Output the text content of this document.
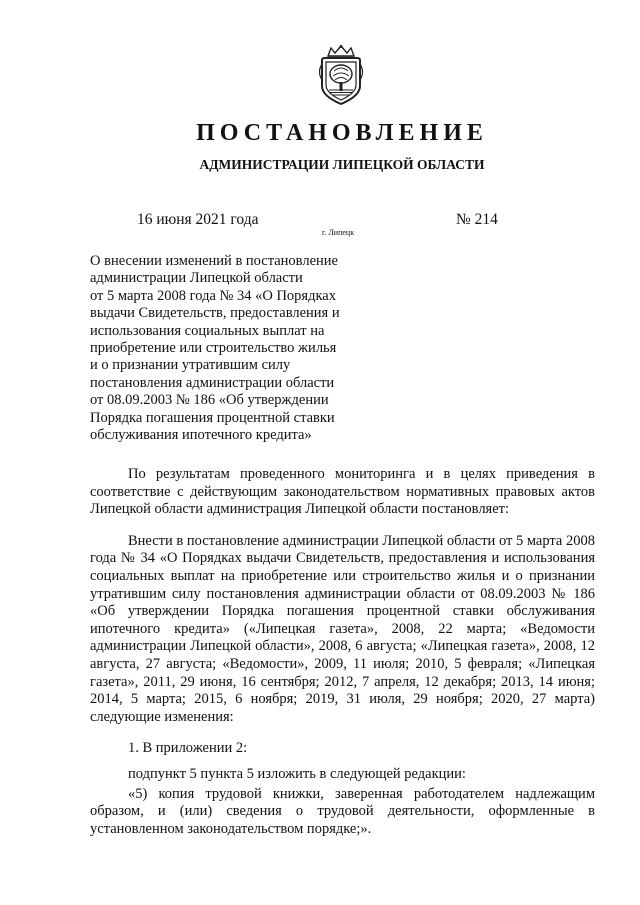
ПОСТАНОВЛЕНИЕ
АДМИНИСТРАЦИИ ЛИПЕЦКОЙ ОБЛАСТИ
16 июня 2021 года
г. Липецк
№ 214
О внесении изменений в постановление
администрации Липецкой области
от 5 марта 2008 года № 34 «О Порядках
выдачи Свидетельств, предоставления и
использования социальных выплат на
приобретение или строительство жилья
и о признании утратившим силу
постановления администрации области
от 08.09.2003 № 186 «Об утверждении
Порядка погашения процентной ставки
обслуживания ипотечного кредита»

По результатам проведенного мониторинга и в целях приведения в соответствие с действующим законодательством нормативных правовых актов Липецкой области администрация Липецкой области постановляет:

Внести в постановление администрации Липецкой области от 5 марта 2008 года № 34 «О Порядках выдачи Свидетельств, предоставления и использования социальных выплат на приобретение или строительство жилья и о признании утратившим силу постановления администрации области от 08.09.2003 № 186 «Об утверждении Порядка погашения процентной ставки обслуживания ипотечного кредита» («Липецкая газета», 2008, 22 марта; «Ведомости администрации Липецкой области», 2008, 6 августа; «Липецкая газета», 2008, 12 августа, 27 августа; «Ведомости», 2009, 11 июля; 2010, 5 февраля; «Липецкая газета», 2011, 29 июня, 16 сентября; 2012, 7 апреля, 12 декабря; 2013, 14 июня; 2014, 5 марта; 2015, 6 ноября; 2019, 31 июля, 29 ноября; 2020, 27 марта) следующие изменения:

1. В приложении 2:

подпункт 5 пункта 5 изложить в следующей редакции:

«5) копия трудовой книжки, заверенная работодателем надлежащим образом, и (или) сведения о трудовой деятельности, оформленные в установленном законодательством порядке;».
